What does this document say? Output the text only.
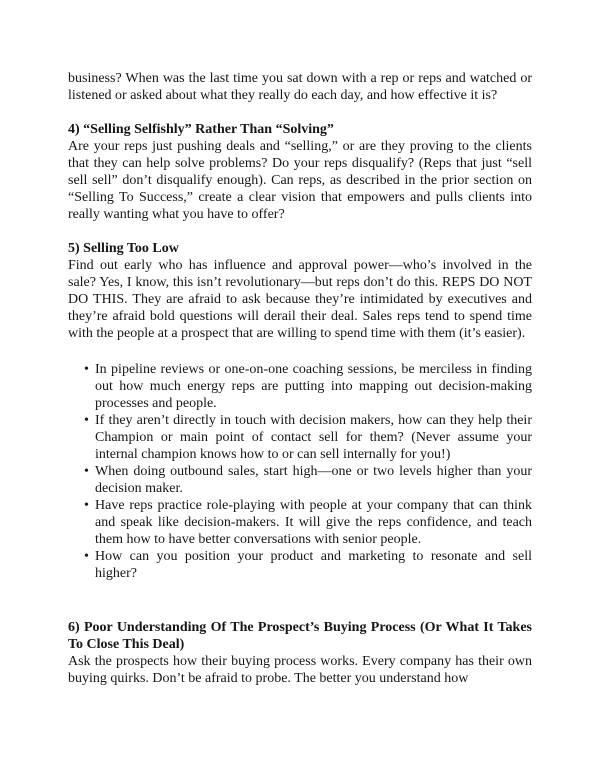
business? When was the last time you sat down with a rep or reps and watched or listened or asked about what they really do each day, and how effective it is?

4) “Selling Selfishly” Rather Than “Solving”

Are your reps just pushing deals and “selling,” or are they proving to the clients that they can help solve problems? Do your reps disqualify? (Reps that just “sell sell sell” don’t disqualify enough). Can reps, as described in the prior section on “Selling To Success,” create a clear vision that empowers and pulls clients into really wanting what you have to offer?

5) Selling Too Low

Find out early who has influence and approval power—who’s involved in the sale? Yes, I know, this isn’t revolutionary—but reps don’t do this. REPS DO NOT DO THIS. They are afraid to ask because they’re intimidated by executives and they’re afraid bold questions will derail their deal. Sales reps tend to spend time with the people at a prospect that are willing to spend time with them (it’s easier).

• In pipeline reviews or one-on-one coaching sessions, be merciless in finding out how much energy reps are putting into mapping out decision-making processes and people.
• If they aren’t directly in touch with decision makers, how can they help their Champion or main point of contact sell for them? (Never assume your internal champion knows how to or can sell internally for you!)
• When doing outbound sales, start high—one or two levels higher than your decision maker.
• Have reps practice role-playing with people at your company that can think and speak like decision-makers. It will give the reps confidence, and teach them how to have better conversations with senior people.
• How can you position your product and marketing to resonate and sell higher?

6) Poor Understanding Of The Prospect’s Buying Process (Or What It Takes To Close This Deal)

Ask the prospects how their buying process works. Every company has their own buying quirks. Don’t be afraid to probe. The better you understand how
